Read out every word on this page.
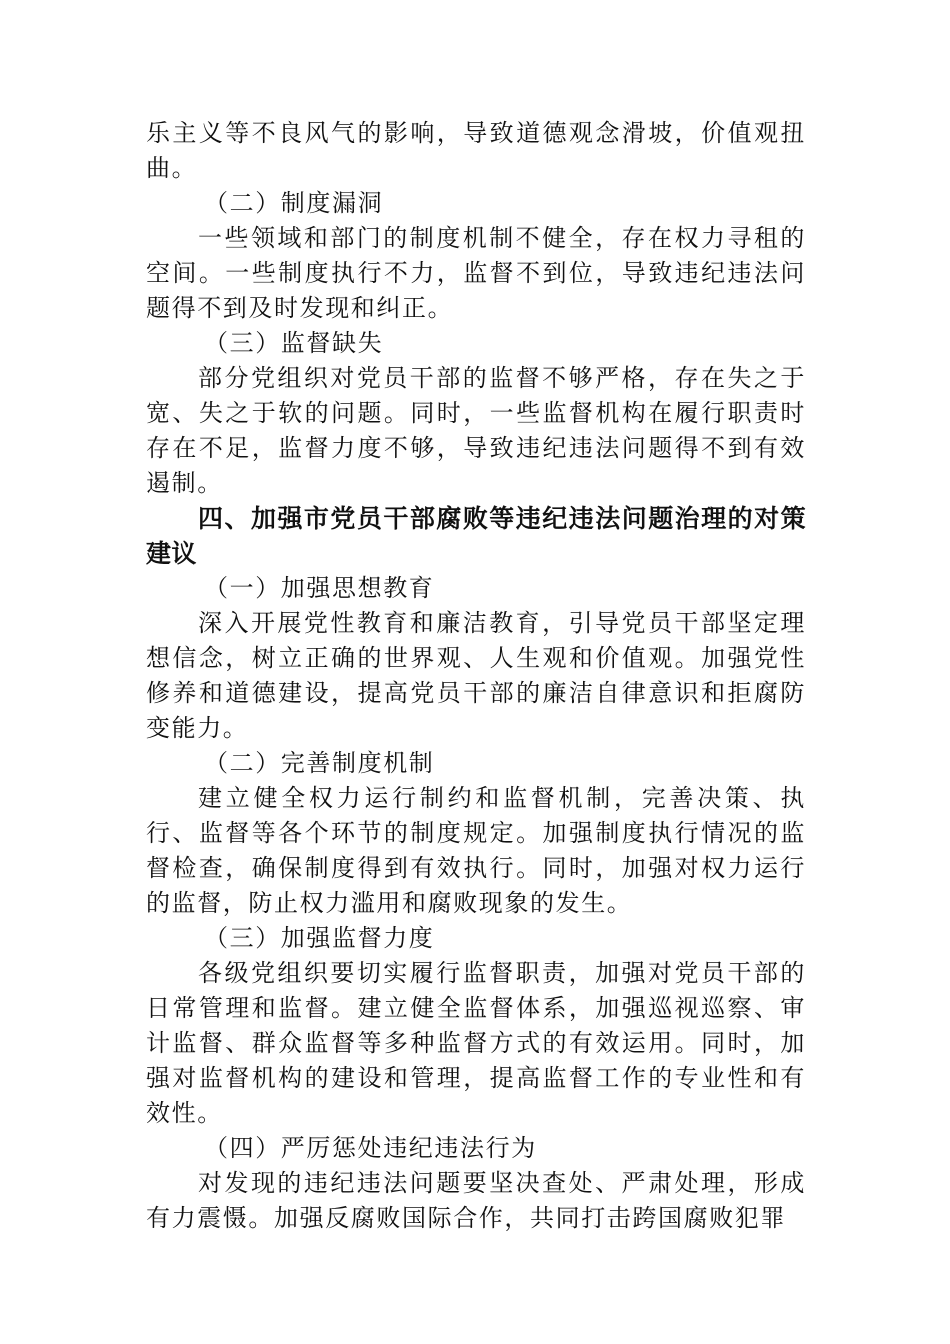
乐主义等不良风气的影响，导致道德观念滑坡，价值观扭曲。

（二）制度漏洞

一些领域和部门的制度机制不健全，存在权力寻租的空间。一些制度执行不力，监督不到位，导致违纪违法问题得不到及时发现和纠正。

（三）监督缺失

部分党组织对党员干部的监督不够严格，存在失之于宽、失之于软的问题。同时，一些监督机构在履行职责时存在不足，监督力度不够，导致违纪违法问题得不到有效遏制。

四、加强市党员干部腐败等违纪违法问题治理的对策建议

（一）加强思想教育

深入开展党性教育和廉洁教育，引导党员干部坚定理想信念，树立正确的世界观、人生观和价值观。加强党性修养和道德建设，提高党员干部的廉洁自律意识和拒腐防变能力。

（二）完善制度机制

建立健全权力运行制约和监督机制，完善决策、执行、监督等各个环节的制度规定。加强制度执行情况的监督检查，确保制度得到有效执行。同时，加强对权力运行的监督，防止权力滥用和腐败现象的发生。

（三）加强监督力度

各级党组织要切实履行监督职责，加强对党员干部的日常管理和监督。建立健全监督体系，加强巡视巡察、审计监督、群众监督等多种监督方式的有效运用。同时，加强对监督机构的建设和管理，提高监督工作的专业性和有效性。

（四）严厉惩处违纪违法行为

对发现的违纪违法问题要坚决查处、严肃处理，形成有力震慑。加强反腐败国际合作，共同打击跨国腐败犯罪
